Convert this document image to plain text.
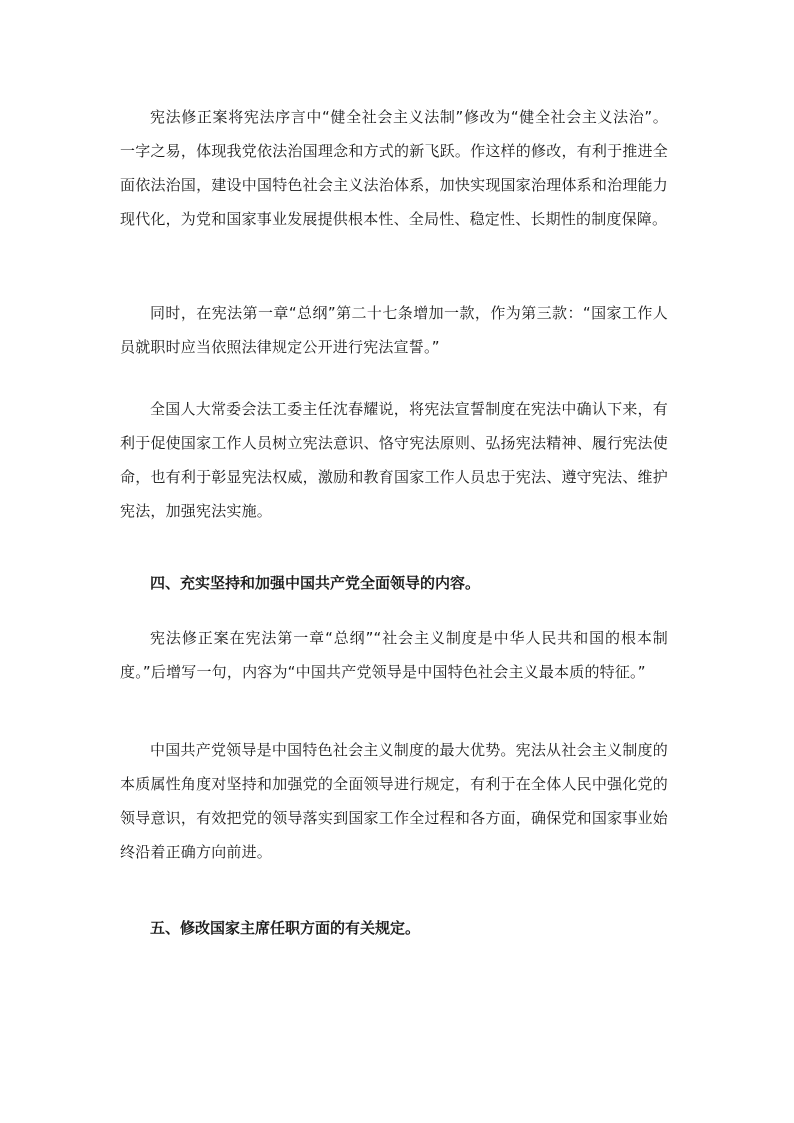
宪法修正案将宪法序言中“健全社会主义法制”修改为“健全社会主义法治”。一字之易，体现我党依法治国理念和方式的新飞跃。作这样的修改，有利于推进全面依法治国，建设中国特色社会主义法治体系，加快实现国家治理体系和治理能力现代化，为党和国家事业发展提供根本性、全局性、稳定性、长期性的制度保障。

同时，在宪法第一章“总纲”第二十七条增加一款，作为第三款：“国家工作人员就职时应当依照法律规定公开进行宪法宣誓。”

全国人大常委会法工委主任沈春耀说，将宪法宣誓制度在宪法中确认下来，有利于促使国家工作人员树立宪法意识、恪守宪法原则、弘扬宪法精神、履行宪法使命，也有利于彰显宪法权威，激励和教育国家工作人员忠于宪法、遵守宪法、维护宪法，加强宪法实施。

四、充实坚持和加强中国共产党全面领导的内容。

宪法修正案在宪法第一章“总纲”“社会主义制度是中华人民共和国的根本制度。”后增写一句，内容为“中国共产党领导是中国特色社会主义最本质的特征。”

中国共产党领导是中国特色社会主义制度的最大优势。宪法从社会主义制度的本质属性角度对坚持和加强党的全面领导进行规定，有利于在全体人民中强化党的领导意识，有效把党的领导落实到国家工作全过程和各方面，确保党和国家事业始终沿着正确方向前进。

五、修改国家主席任职方面的有关规定。
